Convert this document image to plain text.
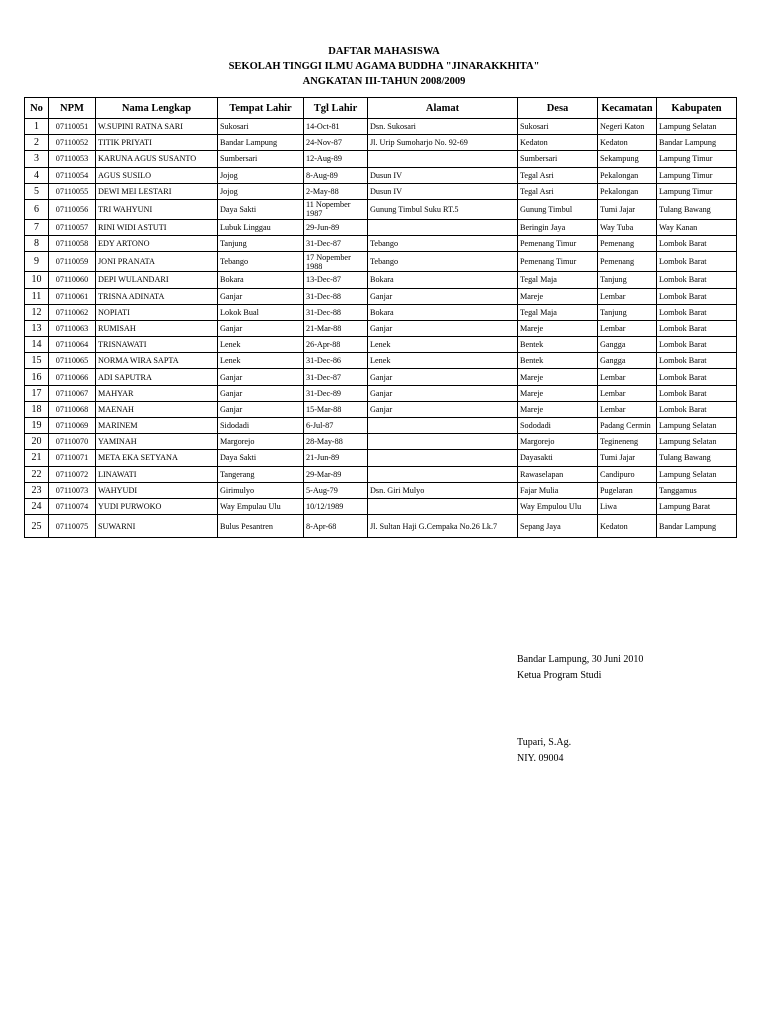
DAFTAR MAHASISWA
SEKOLAH TINGGI ILMU AGAMA BUDDHA "JINARAKKHITA"
ANGKATAN III-TAHUN 2008/2009
No	NPM	Nama Lengkap	Tempat Lahir	Tgl Lahir	Alamat	Desa	Kecamatan	Kabupaten
1	07110051	W.SUPINI RATNA SARI	Sukosari	14-Oct-81	Dsn. Sukosari	Sukosari	Negeri Katon	Lampung Selatan
2	07110052	TITIK PRIYATI	Bandar Lampung	24-Nov-87	Jl. Urip Sumoharjo No. 92-69	Kedaton	Kedaton	Bandar Lampung
3	07110053	KARUNA AGUS SUSANTO	Sumbersari	12-Aug-89		Sumbersari	Sekampung	Lampung Timur
4	07110054	AGUS SUSILO	Jojog	8-Aug-89	Dusun IV	Tegal Asri	Pekalongan	Lampung Timur
5	07110055	DEWI MEI LESTARI	Jojog	2-May-88	Dusun IV	Tegal Asri	Pekalongan	Lampung Timur
6	07110056	TRI WAHYUNI	Daya Sakti	11 Nopember 1987	Gunung Timbul Suku RT.5	Gunung Timbul	Tumi Jajar	Tulang Bawang
7	07110057	RINI WIDI ASTUTI	Lubuk Linggau	29-Jun-89		Beringin Jaya	Way Tuba	Way Kanan
8	07110058	EDY ARTONO	Tanjung	31-Dec-87	Tebango	Pemenang Timur	Pemenang	Lombok Barat
9	07110059	JONI PRANATA	Tebango	17 Nopember 1988	Tebango	Pemenang Timur	Pemenang	Lombok Barat
10	07110060	DEPI WULANDARI	Bokara	13-Dec-87	Bokara	Tegal Maja	Tanjung	Lombok Barat
11	07110061	TRISNA ADINATA	Ganjar	31-Dec-88	Ganjar	Mareje	Lembar	Lombok Barat
12	07110062	NOPIATI	Lokok Bual	31-Dec-88	Bokara	Tegal Maja	Tanjung	Lombok Barat
13	07110063	RUMISAH	Ganjar	21-Mar-88	Ganjar	Mareje	Lembar	Lombok Barat
14	07110064	TRISNAWATI	Lenek	26-Apr-88	Lenek	Bentek	Gangga	Lombok Barat
15	07110065	NORMA WIRA SAPTA	Lenek	31-Dec-86	Lenek	Bentek	Gangga	Lombok Barat
16	07110066	ADI SAPUTRA	Ganjar	31-Dec-87	Ganjar	Mareje	Lembar	Lombok Barat
17	07110067	MAHYAR	Ganjar	31-Dec-89	Ganjar	Mareje	Lembar	Lombok Barat
18	07110068	MAENAH	Ganjar	15-Mar-88	Ganjar	Mareje	Lembar	Lombok Barat
19	07110069	MARINEM	Sidodadi	6-Jul-87		Sododadi	Padang Cermin	Lampung Selatan
20	07110070	YAMINAH	Margorejo	28-May-88		Margorejo	Tegineneng	Lampung Selatan
21	07110071	META EKA SETYANA	Daya Sakti	21-Jun-89		Dayasakti	Tumi Jajar	Tulang Bawang
22	07110072	LINAWATI	Tangerang	29-Mar-89		Rawaselapan	Candipuro	Lampung Selatan
23	07110073	WAHYUDI	Girimulyo	5-Aug-79	Dsn. Giri Mulyo	Fajar Mulia	Pugelaran	Tanggamus
24	07110074	YUDI PURWOKO	Way Empulau Ulu	10/12/1989		Way Empulou Ulu	Liwa	Lampung Barat
25	07110075	SUWARNI	Bulus Pesantren	8-Apr-68	Jl. Sultan Haji G.Cempaka No.26 Lk.7	Sepang Jaya	Kedaton	Bandar Lampung
Bandar Lampung, 30 Juni 2010
Ketua Program Studi
Tupari, S.Ag.
NIY. 09004
